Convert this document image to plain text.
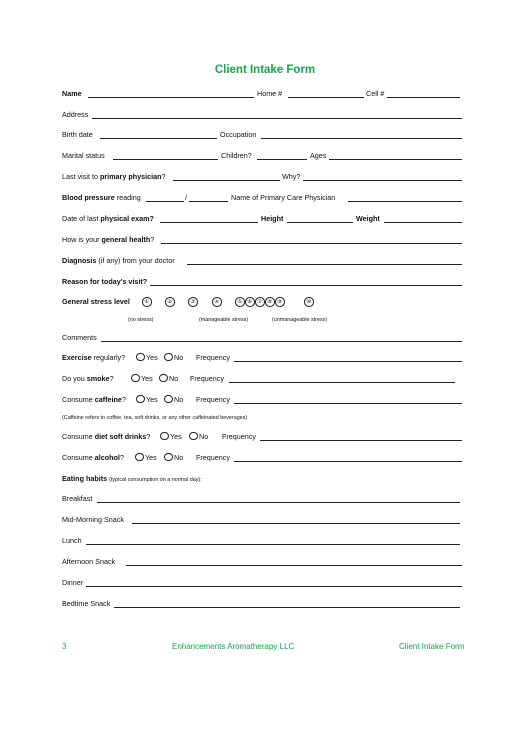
Client Intake Form
Name	Home #	Cell #
Address
Birth date	Occupation
Marital status	Children?	Ages
Last visit to primary physician?	Why?
Blood pressure reading	/	Name of Primary Care Physician
Date of last physical exam?	Height	Weight
How is your general health?
Diagnosis (if any) from your doctor
Reason for today's visit?
General stress level	①	②	③	④	⑤ ⑥ ⑦ ⑧ ⑨	⑩
(no stress)	(manageable stress)	(unmanageable stress)
Comments
Exercise regularly?	Yes	No Frequency
Do you smoke?	Yes	No Frequency
Consume caffeine?	Yes	No Frequency
(Caffeine refers to coffee, tea, soft drinks, or any other caffeinated beverages)
Consume diet soft drinks?	Yes	No Frequency
Consume alcohol?	Yes	No Frequency
Eating habits (typical consumption on a normal day):
Breakfast
Mid-Morning Snack
Lunch
Afternoon Snack
Dinner
Bedtime Snack
3	Enhancements Aromatherapy LLC	Client Intake Form
